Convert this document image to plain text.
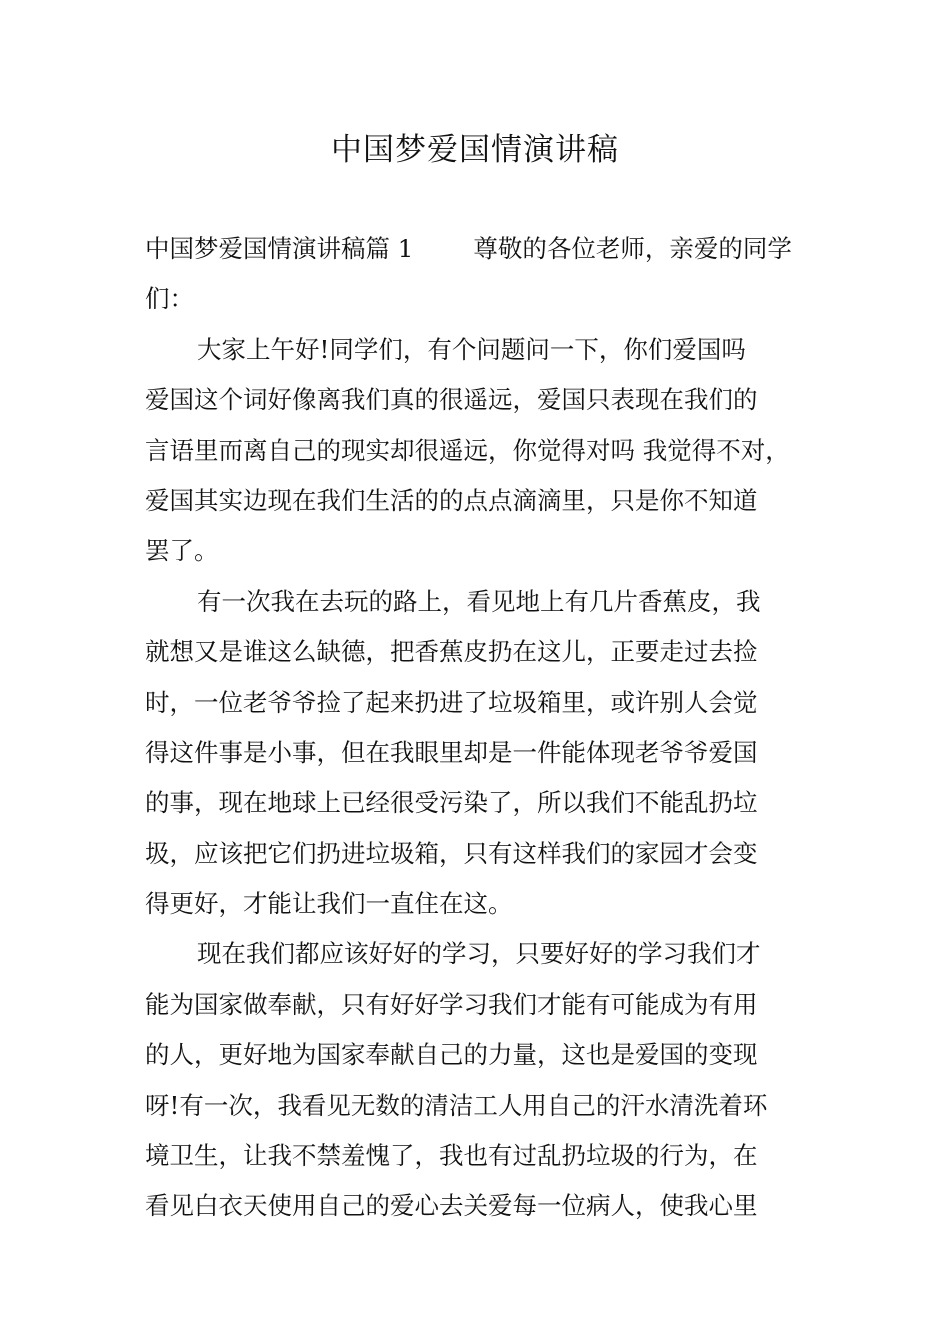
中国梦爱国情演讲稿

中国梦爱国情演讲稿篇 1 尊敬的各位老师，亲爱的同学

们：

大家上午好!同学们，有个问题问一下，你们爱国吗

爱国这个词好像离我们真的很遥远，爱国只表现在我们的

言语里而离自己的现实却很遥远，你觉得对吗 我觉得不对，

爱国其实边现在我们生活的的点点滴滴里，只是你不知道

罢了。

有一次我在去玩的路上，看见地上有几片香蕉皮，我

就想又是谁这么缺德，把香蕉皮扔在这儿，正要走过去捡

时，一位老爷爷捡了起来扔进了垃圾箱里，或许别人会觉

得这件事是小事，但在我眼里却是一件能体现老爷爷爱国

的事，现在地球上已经很受污染了，所以我们不能乱扔垃

圾，应该把它们扔进垃圾箱，只有这样我们的家园才会变

得更好，才能让我们一直住在这。

现在我们都应该好好的学习，只要好好的学习我们才

能为国家做奉献，只有好好学习我们才能有可能成为有用

的人，更好地为国家奉献自己的力量，这也是爱国的变现

呀!有一次，我看见无数的清洁工人用自己的汗水清洗着环

境卫生，让我不禁羞愧了，我也有过乱扔垃圾的行为，在

看见白衣天使用自己的爱心去关爱每一位病人，使我心里
